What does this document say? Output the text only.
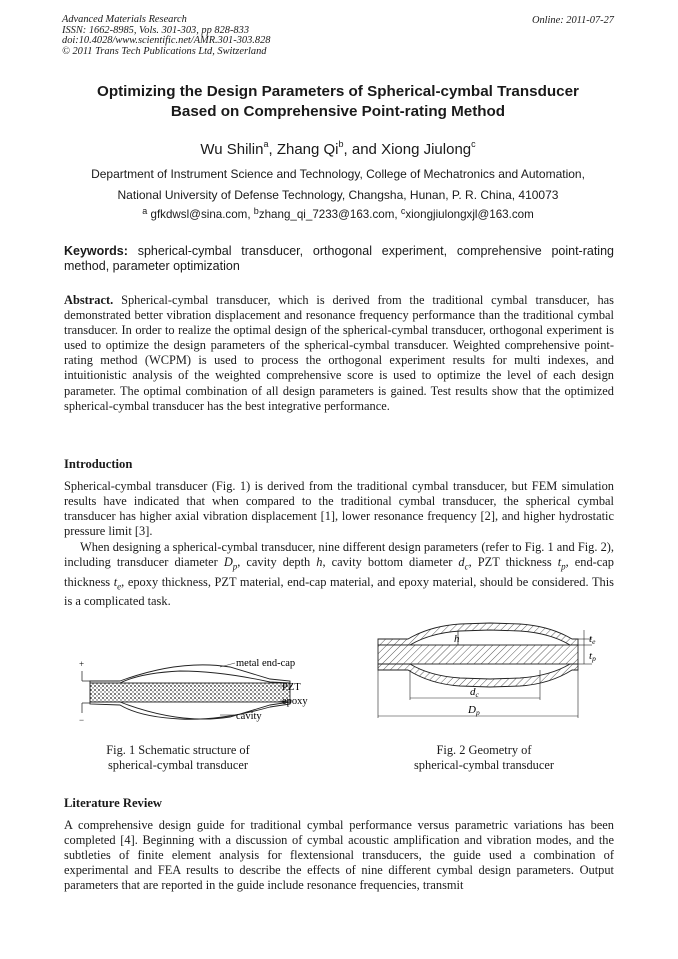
Advanced Materials Research
ISSN: 1662-8985, Vols. 301-303, pp 828-833
doi:10.4028/www.scientific.net/AMR.301-303.828
© 2011 Trans Tech Publications Ltd, Switzerland
Online: 2011-07-27
Optimizing the Design Parameters of Spherical-cymbal Transducer
Based on Comprehensive Point-rating Method
Wu Shilin$^a$, Zhang Qi$^b$, and Xiong Jiulong$^c$
Department of Instrument Science and Technology, College of Mechatronics and Automation,
National University of Defense Technology, Changsha, Hunan, P. R. China, 410073
$^a$ gfkdwsl@sina.com, $^b$zhang_qi_7233@163.com, $^c$xiongjiulongxjl@163.com
Keywords: spherical-cymbal transducer, orthogonal experiment, comprehensive point-rating method, parameter optimization

Abstract. Spherical-cymbal transducer, which is derived from the traditional cymbal transducer, has demonstrated better vibration displacement and resonance frequency performance than the traditional cymbal transducer. In order to realize the optimal design of the spherical-cymbal transducer, orthogonal experiment is used to optimize the design parameters of the spherical-cymbal transducer. Weighted comprehensive point-rating method (WCPM) is used to process the orthogonal experiment results for multi indexes, and intuitionistic analysis of the weighted comprehensive score is used to optimize the level of each design parameter. The optimal combination of all design parameters is gained. Test results show that the optimized spherical-cymbal transducer has the best integrative performance.

Introduction

Spherical-cymbal transducer (Fig. 1) is derived from the traditional cymbal transducer, but FEM simulation results have indicated that when compared to the traditional cymbal transducer, the spherical cymbal transducer has higher axial vibration displacement [1], lower resonance frequency [2], and higher hydrostatic pressure limit [3].

When designing a spherical-cymbal transducer, nine different design parameters (refer to Fig. 1 and Fig. 2), including transducer diameter $D_p$, cavity depth h, cavity bottom diameter $d_c$, PZT thickness $t_p$, end-cap thickness $t_e$, epoxy thickness, PZT material, end-cap material, and epoxy material, should be considered. This is a complicated task.

+
−
metal end-cap
PZT
epoxy
cavity
Fig. 1 Schematic structure of
spherical-cymbal transducer
h	te
tp
dc
Dp
Fig. 2 Geometry of
spherical-cymbal transducer
Literature Review

A comprehensive design guide for traditional cymbal performance versus parametric variations has been completed [4]. Beginning with a discussion of cymbal acoustic amplification and vibration modes, and the subtleties of finite element analysis for flextensional transducers, the guide used a combination of experimental and FEA results to describe the effects of nine different cymbal design parameters. Output parameters that are reported in the guide include resonance frequencies, transmit
